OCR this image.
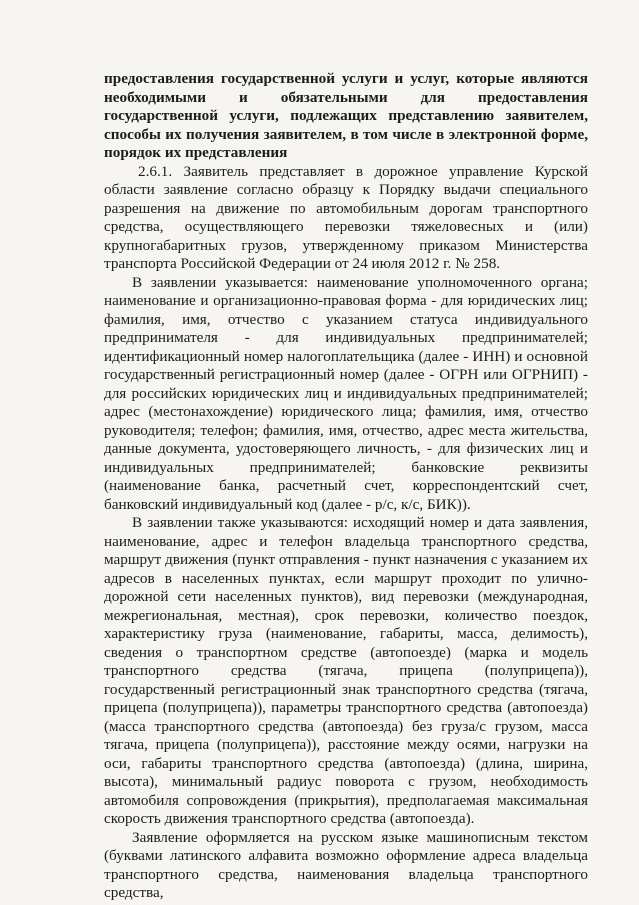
предоставления государственной услуги и услуг, которые являются необходимыми и обязательными для предоставления государственной услуги, подлежащих представлению заявителем, способы их получения заявителем, в том числе в электронной форме, порядок их представления

2.6.1. Заявитель представляет в дорожное управление Курской области заявление согласно образцу к Порядку выдачи специального разрешения на движение по автомобильным дорогам транспортного средства, осуществляющего перевозки тяжеловесных и (или) крупногабаритных грузов, утвержденному приказом Министерства транспорта Российской Федерации от 24 июля 2012 г. № 258.

В заявлении указывается: наименование уполномоченного органа; наименование и организационно-правовая форма - для юридических лиц; фамилия, имя, отчество с указанием статуса индивидуального предпринимателя - для индивидуальных предпринимателей; идентификационный номер налогоплательщика (далее - ИНН) и основной государственный регистрационный номер (далее - ОГРН или ОГРНИП) - для российских юридических лиц и индивидуальных предпринимателей; адрес (местонахождение) юридического лица; фамилия, имя, отчество руководителя; телефон; фамилия, имя, отчество, адрес места жительства, данные документа, удостоверяющего личность, - для физических лиц и индивидуальных предпринимателей; банковские реквизиты (наименование банка, расчетный счет, корреспондентский счет, банковский индивидуальный код (далее - р/с, к/с, БИК)).

В заявлении также указываются: исходящий номер и дата заявления, наименование, адрес и телефон владельца транспортного средства, маршрут движения (пункт отправления - пункт назначения с указанием их адресов в населенных пунктах, если маршрут проходит по улично-дорожной сети населенных пунктов), вид перевозки (международная, межрегиональная, местная), срок перевозки, количество поездок, характеристику груза (наименование, габариты, масса, делимость), сведения о транспортном средстве (автопоезде) (марка и модель транспортного средства (тягача, прицепа (полуприцепа)), государственный регистрационный знак транспортного средства (тягача, прицепа (полуприцепа)), параметры транспортного средства (автопоезда) (масса транспортного средства (автопоезда) без груза/с грузом, масса тягача, прицепа (полуприцепа)), расстояние между осями, нагрузки на оси, габариты транспортного средства (автопоезда) (длина, ширина, высота), минимальный радиус поворота с грузом, необходимость автомобиля сопровождения (прикрытия), предполагаемая максимальная скорость движения транспортного средства (автопоезда).

Заявление оформляется на русском языке машинописным текстом (буквами латинского алфавита возможно оформление адреса владельца транспортного средства, наименования владельца транспортного средства,
